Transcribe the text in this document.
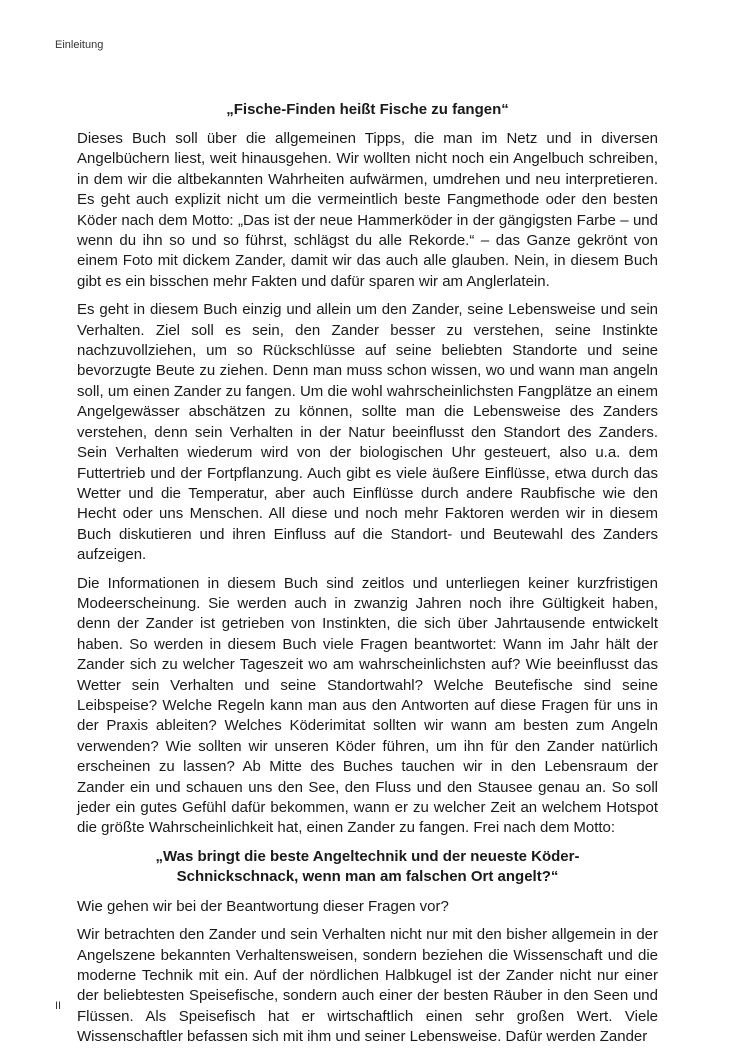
Einleitung
„Fische-Finden heißt Fische zu fangen“

Dieses Buch soll über die allgemeinen Tipps, die man im Netz und in diversen Angelbüchern liest, weit hinausgehen. Wir wollten nicht noch ein Angelbuch schreiben, in dem wir die altbekannten Wahrheiten aufwärmen, umdrehen und neu interpretieren. Es geht auch explizit nicht um die vermeintlich beste Fangmethode oder den besten Köder nach dem Motto: „Das ist der neue Hammerköder in der gängigsten Farbe – und wenn du ihn so und so führst, schlägst du alle Rekorde.“ – das Ganze gekrönt von einem Foto mit dickem Zander, damit wir das auch alle glauben. Nein, in diesem Buch gibt es ein bisschen mehr Fakten und dafür sparen wir am Anglerlatein.

Es geht in diesem Buch einzig und allein um den Zander, seine Lebensweise und sein Verhalten. Ziel soll es sein, den Zander besser zu verstehen, seine Instinkte nachzuvollziehen, um so Rückschlüsse auf seine beliebten Standorte und seine bevorzugte Beute zu ziehen. Denn man muss schon wissen, wo und wann man angeln soll, um einen Zander zu fangen. Um die wohl wahrscheinlichsten Fangplätze an einem Angelgewässer abschätzen zu können, sollte man die Lebensweise des Zanders verstehen, denn sein Verhalten in der Natur beeinflusst den Standort des Zanders. Sein Verhalten wiederum wird von der biologischen Uhr gesteuert, also u.a. dem Futtertrieb und der Fortpflanzung. Auch gibt es viele äußere Einflüsse, etwa durch das Wetter und die Temperatur, aber auch Einflüsse durch andere Raubfische wie den Hecht oder uns Menschen. All diese und noch mehr Faktoren werden wir in diesem Buch diskutieren und ihren Einfluss auf die Standort- und Beutewahl des Zanders aufzeigen.

Die Informationen in diesem Buch sind zeitlos und unterliegen keiner kurzfristigen Modeerscheinung. Sie werden auch in zwanzig Jahren noch ihre Gültigkeit haben, denn der Zander ist getrieben von Instinkten, die sich über Jahrtausende entwickelt haben. So werden in diesem Buch viele Fragen beantwortet: Wann im Jahr hält der Zander sich zu welcher Tageszeit wo am wahrscheinlichsten auf? Wie beeinflusst das Wetter sein Verhalten und seine Standortwahl? Welche Beutefische sind seine Leibspeise? Welche Regeln kann man aus den Antworten auf diese Fragen für uns in der Praxis ableiten? Welches Köderimitat sollten wir wann am besten zum Angeln verwenden? Wie sollten wir unseren Köder führen, um ihn für den Zander natürlich erscheinen zu lassen? Ab Mitte des Buches tauchen wir in den Lebensraum der Zander ein und schauen uns den See, den Fluss und den Stausee genau an. So soll jeder ein gutes Gefühl dafür bekommen, wann er zu welcher Zeit an welchem Hotspot die größte Wahrscheinlichkeit hat, einen Zander zu fangen. Frei nach dem Motto:

„Was bringt die beste Angeltechnik und der neueste Köder-
Schnickschnack, wenn man am falschen Ort angelt?“

Wie gehen wir bei der Beantwortung dieser Fragen vor?

Wir betrachten den Zander und sein Verhalten nicht nur mit den bisher allgemein in der Angelszene bekannten Verhaltensweisen, sondern beziehen die Wissenschaft und die moderne Technik mit ein. Auf der nördlichen Halbkugel ist der Zander nicht nur einer der beliebtesten Speisefische, sondern auch einer der besten Räuber in den Seen und Flüssen. Als Speisefisch hat er wirtschaftlich einen sehr großen Wert. Viele Wissenschaftler befassen sich mit ihm und seiner Lebensweise. Dafür werden Zander

II
